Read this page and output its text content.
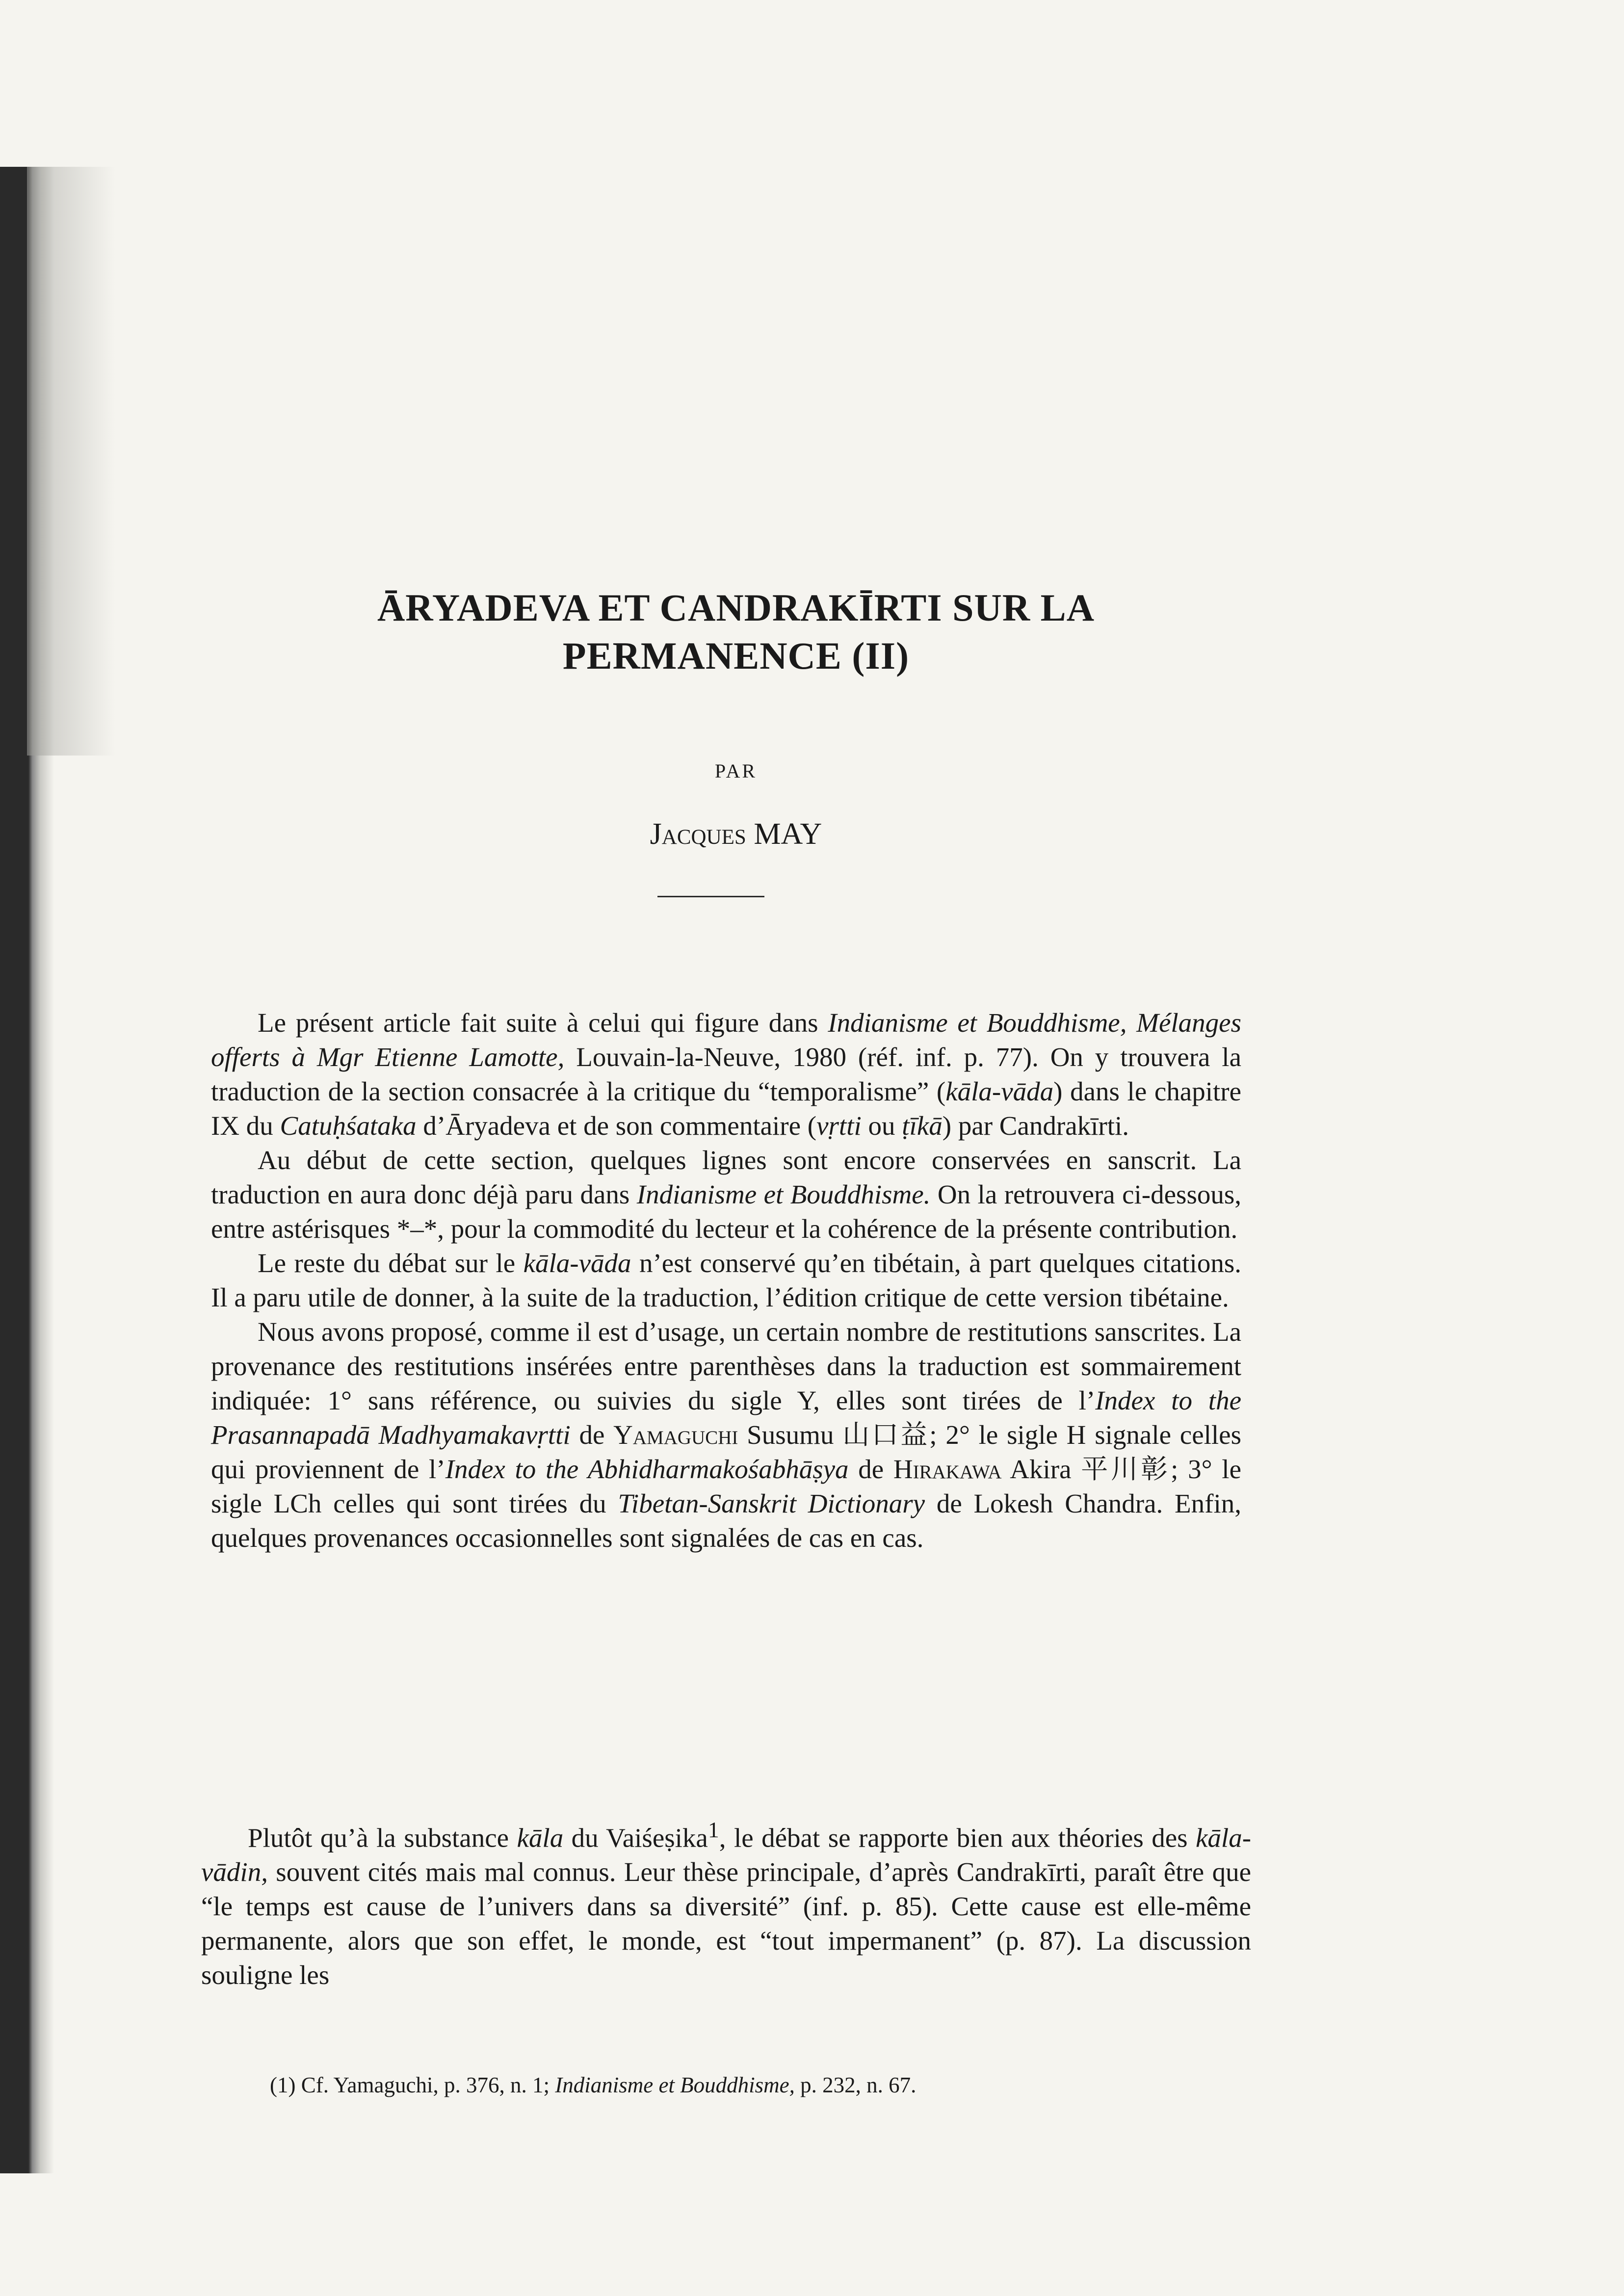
ĀRYADEVA ET CANDRAKĪRTI SUR LA
PERMANENCE (II)

PAR

Jacques MAY

Le présent article fait suite à celui qui figure dans Indianisme et Bouddhisme, Mélanges offerts à Mgr Etienne Lamotte, Louvain-la-Neuve, 1980 (réf. inf. p. 77). On y trouvera la traduction de la section consacrée à la critique du “temporalisme” (kāla-vāda) dans le chapitre IX du Catuḥśataka d’Āryadeva et de son commentaire (vṛtti ou ṭīkā) par Candrakīrti.

Au début de cette section, quelques lignes sont encore conservées en sanscrit. La traduction en aura donc déjà paru dans Indianisme et Bouddhisme. On la retrouvera ci-dessous, entre astérisques *–*, pour la commodité du lecteur et la cohérence de la présente contribution.

Le reste du débat sur le kāla-vāda n’est conservé qu’en tibétain, à part quelques citations. Il a paru utile de donner, à la suite de la traduction, l’édition critique de cette version tibétaine.

Nous avons proposé, comme il est d’usage, un certain nombre de restitutions sanscrites. La provenance des restitutions insérées entre parenthèses dans la traduction est sommairement indiquée: 1° sans référence, ou suivies du sigle Y, elles sont tirées de l’Index to the Prasannapadā Madhyamakavṛtti de Yamaguchi Susumu 山口益; 2° le sigle H signale celles qui proviennent de l’Index to the Abhidharmakośabhāṣya de Hirakawa Akira 平川彰; 3° le sigle LCh celles qui sont tirées du Tibetan-Sanskrit Dictionary de Lokesh Chandra. Enfin, quelques provenances occasionnelles sont signalées de cas en cas.

Plutôt qu’à la substance kāla du Vaiśeṣika$^1$, le débat se rapporte bien aux théories des kāla-vādin, souvent cités mais mal connus. Leur thèse principale, d’après Candrakīrti, paraît être que “le temps est cause de l’univers dans sa diversité” (inf. p. 85). Cette cause est elle-même permanente, alors que son effet, le monde, est “tout impermanent” (p. 87). La discussion souligne les

(1) Cf. Yamaguchi, p. 376, n. 1; Indianisme et Bouddhisme, p. 232, n. 67.
